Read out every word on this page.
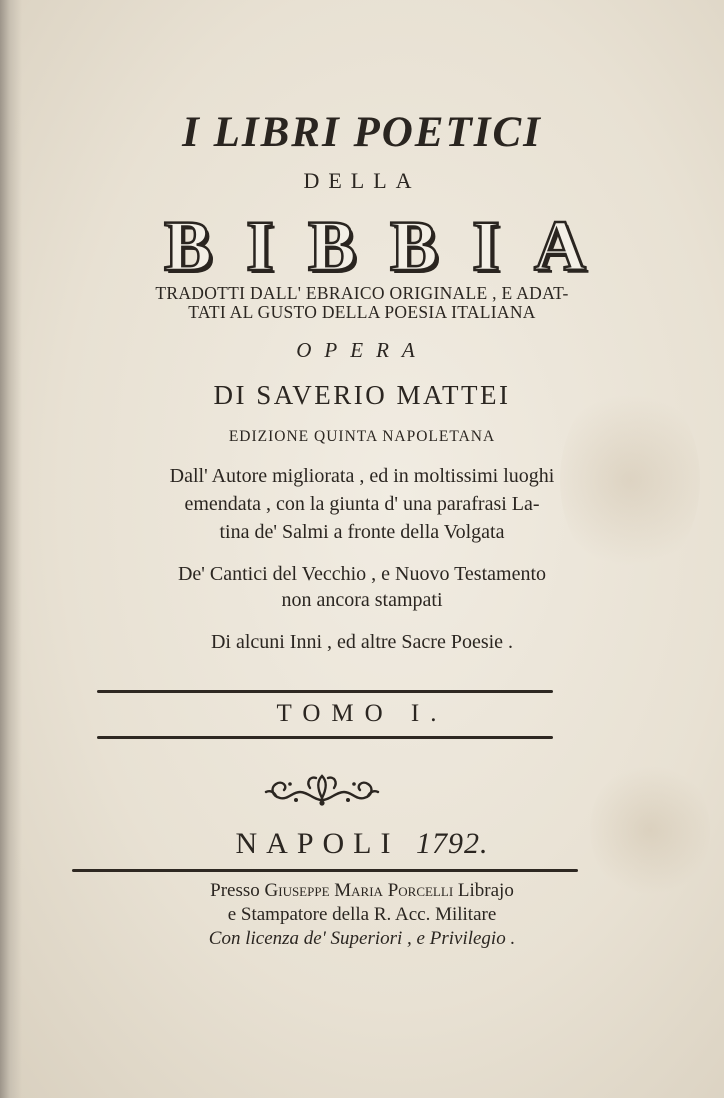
I LIBRI POETICI
DELLA
BIBBIA
TRADOTTI DALL' EBRAICO ORIGINALE , E ADAT-
TATI AL GUSTO DELLA POESIA ITALIANA
OPERA
DI SAVERIO MATTEI
EDIZIONE QUINTA NAPOLETANA
Dall' Autore migliorata , ed in moltissimi luoghi
emendata , con la giunta d' una parafrasi La-
tina de' Salmi a fronte della Volgata
De' Cantici del Vecchio , e Nuovo Testamento
non ancora stampati
Di alcuni Inni , ed altre Sacre Poesie .
TOMO I.
NAPOLI 1792.
Presso Giuseppe Maria Porcelli Librajo
e Stampatore della R. Acc. Militare
Con licenza de' Superiori , e Privilegio .
